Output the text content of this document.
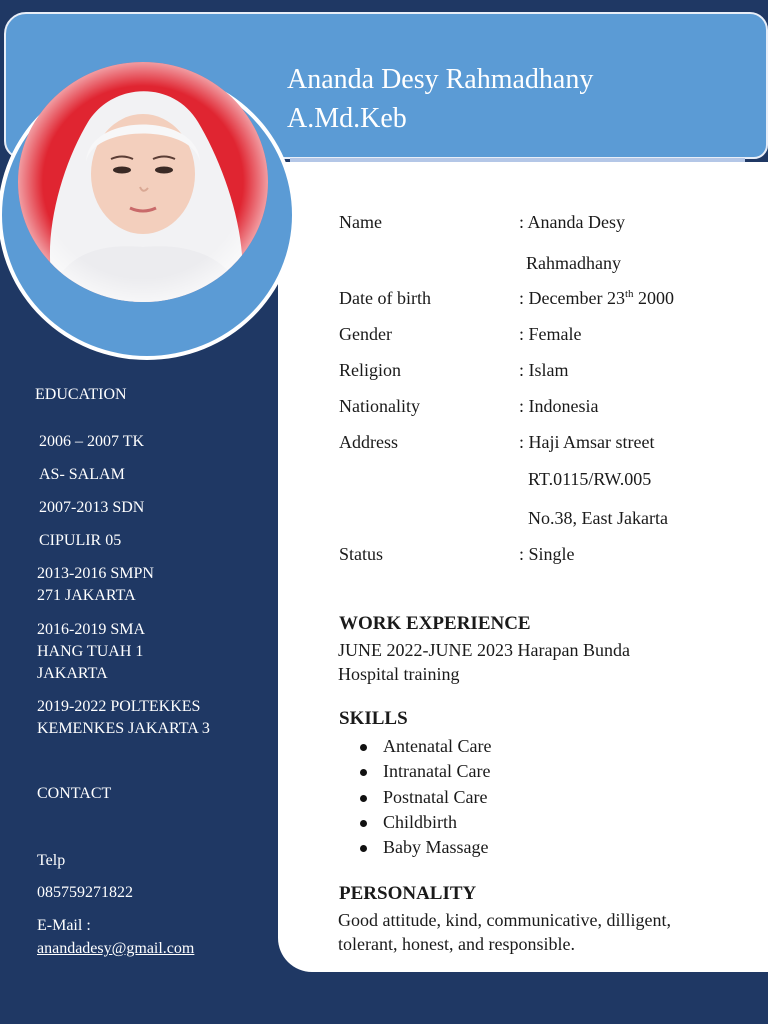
Ananda Desy Rahmadhany
A.Md.Keb
EDUCATION
2006 – 2007 TK
AS- SALAM
2007-2013 SDN
CIPULIR 05
2013-2016 SMPN
271 JAKARTA
2016-2019 SMA
HANG TUAH 1
JAKARTA
2019-2022 POLTEKKES
KEMENKES JAKARTA 3
CONTACT
Telp
085759271822
E-Mail :
anandadesy@gmail.com
Name	: Ananda Desy
Rahmadhany
Date of birth	: December 23th 2000
Gender	: Female
Religion	: Islam
Nationality	: Indonesia
Address	: Haji Amsar street
RT.0115/RW.005
No.38, East Jakarta
Status	: Single
WORK EXPERIENCE
JUNE 2022-JUNE 2023 Harapan Bunda
Hospital training
SKILLS
Antenatal Care
Intranatal Care
Postnatal Care
Childbirth
Baby Massage
PERSONALITY
Good attitude, kind, communicative, dilligent,
tolerant, honest, and responsible.
